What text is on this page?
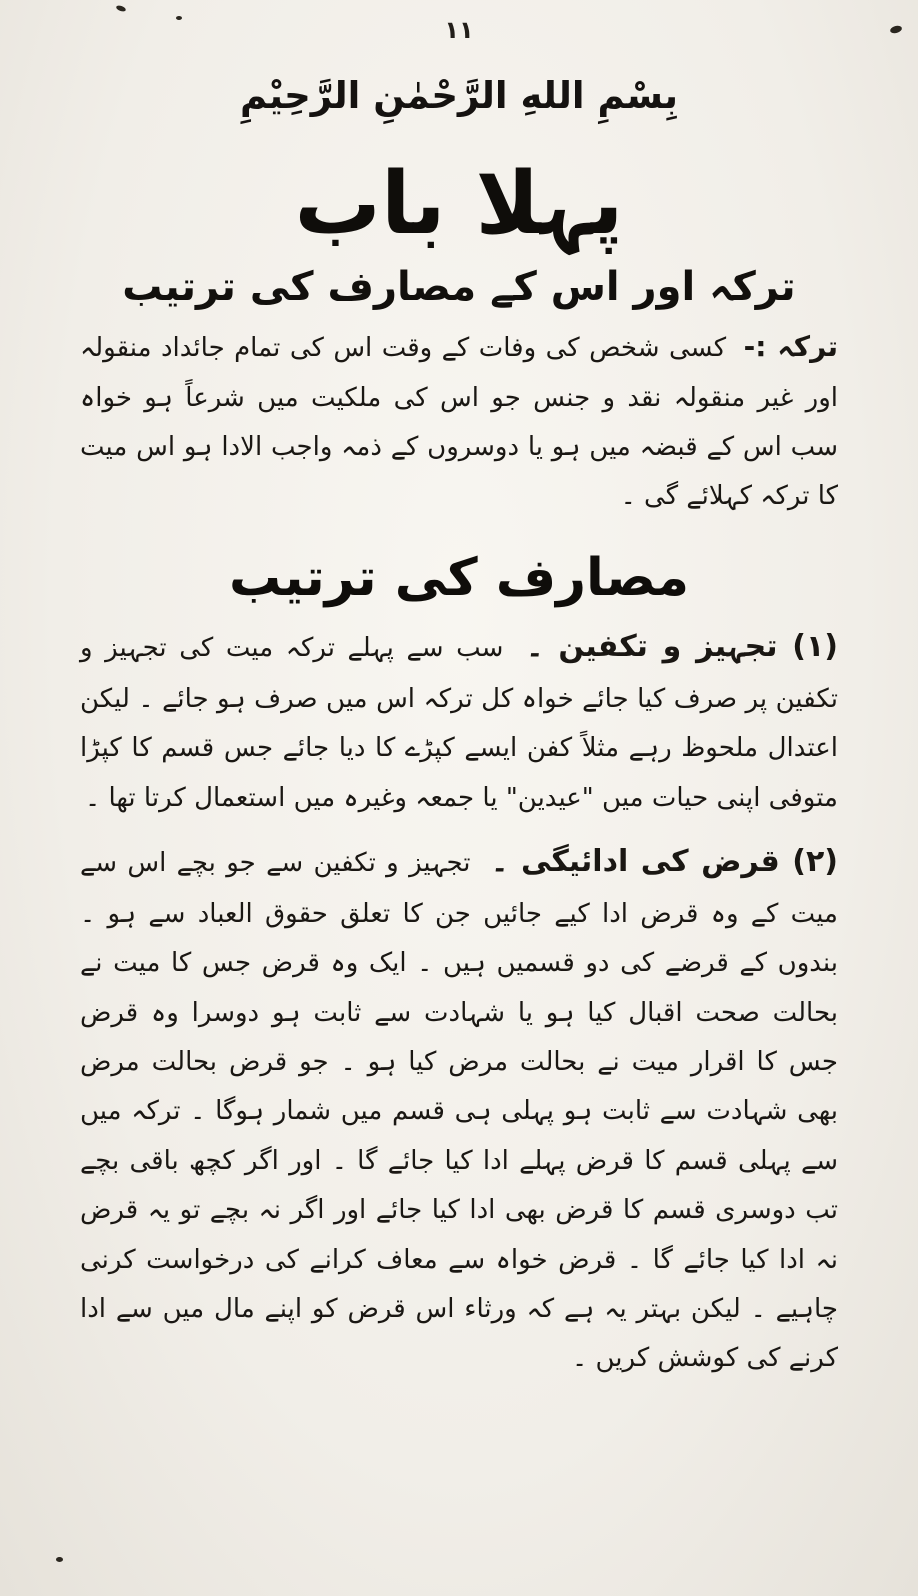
۱۱
بِسْمِ اللهِ الرَّحْمٰنِ الرَّحِيْمِ
پہلا باب
ترکہ اور اس کے مصارف کی ترتیب

ترکہ :- کسی شخص کی وفات کے وقت اس کی تمام جائداد منقولہ اور غیر منقولہ نقد و جنس جو اس کی ملکیت میں شرعاً ہو خواہ سب اس کے قبضہ میں ہو یا دوسروں کے ذمہ واجب الادا ہو اس میت کا ترکہ کہلائے گی ۔

مصارف کی ترتیب

(۱) تجہیز و تکفین ۔ سب سے پہلے ترکہ میت کی تجہیز و تکفین پر صرف کیا جائے خواہ کل ترکہ اس میں صرف ہو جائے ۔ لیکن اعتدال ملحوظ رہے مثلاً کفن ایسے کپڑے کا دیا جائے جس قسم کا کپڑا متوفی اپنی حیات میں "عیدین" یا جمعہ وغیرہ میں استعمال کرتا تھا ۔

(۲) قرض کی ادائیگی ۔ تجہیز و تکفین سے جو بچے اس سے میت کے وہ قرض ادا کیے جائیں جن کا تعلق حقوق العباد سے ہو ۔ بندوں کے قرضے کی دو قسمیں ہیں ۔ ایک وہ قرض جس کا میت نے بحالت صحت اقبال کیا ہو یا شہادت سے ثابت ہو دوسرا وہ قرض جس کا اقرار میت نے بحالت مرض کیا ہو ۔ جو قرض بحالت مرض بھی شہادت سے ثابت ہو پہلی ہی قسم میں شمار ہوگا ۔ ترکہ میں سے پہلی قسم کا قرض پہلے ادا کیا جائے گا ۔ اور اگر کچھ باقی بچے تب دوسری قسم کا قرض بھی ادا کیا جائے اور اگر نہ بچے تو یہ قرض نہ ادا کیا جائے گا ۔ قرض خواہ سے معاف کرانے کی درخواست کرنی چاہیے ۔ لیکن بہتر یہ ہے کہ ورثاء اس قرض کو اپنے مال میں سے ادا کرنے کی کوشش کریں ۔
